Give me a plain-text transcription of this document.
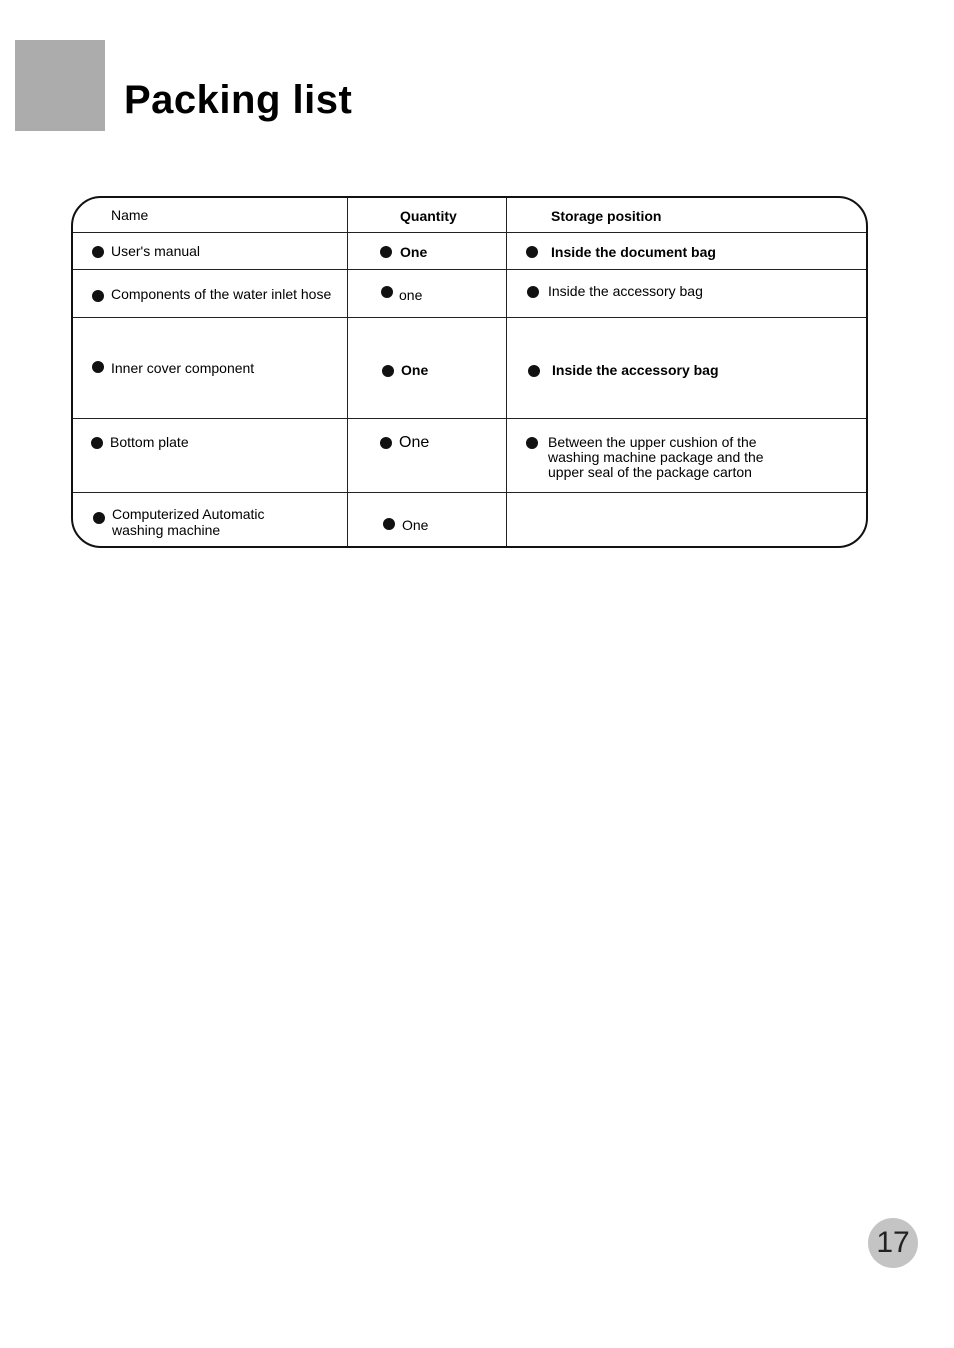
Packing list
Name	Quantity	Storage position
User's manual	One	Inside the document bag
Components of the water inlet hose	one	Inside the accessory bag
Inner cover component	One	Inside the accessory bag
Bottom plate	One	Between the upper cushion of the
washing machine package and the
upper seal of the package carton
Computerized Automatic
washing machine	One
17
